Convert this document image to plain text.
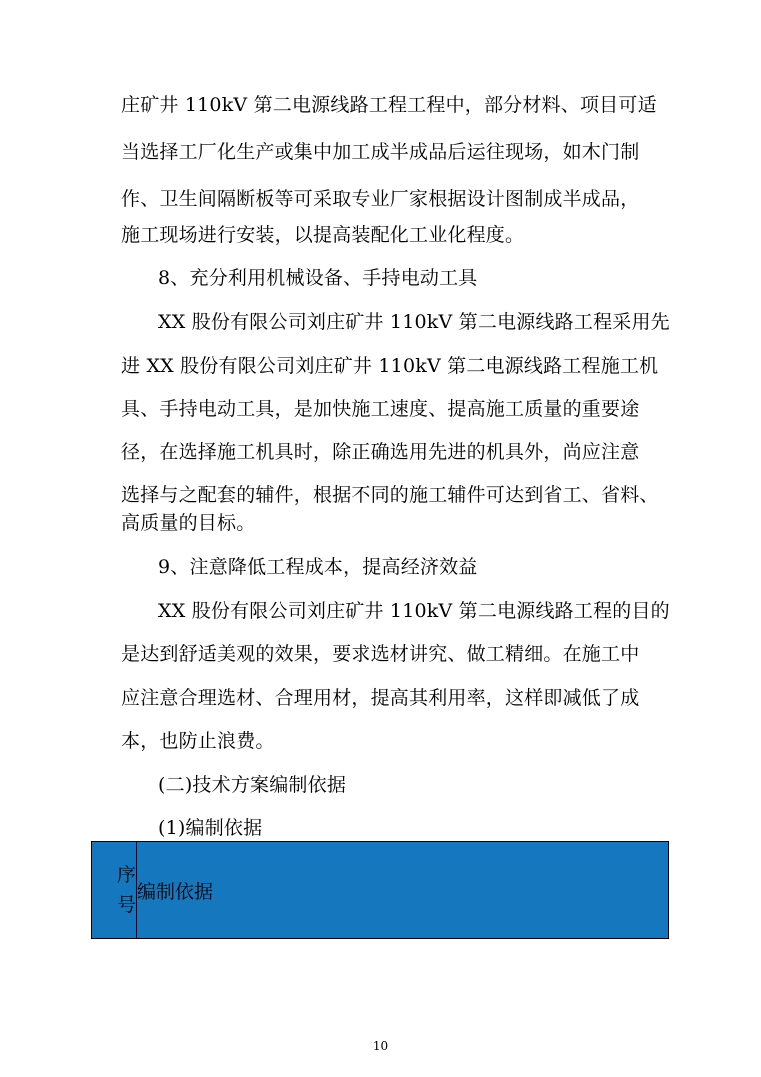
庄矿井 110kV 第二电源线路工程工程中，部分材料、项目可适
当选择工厂化生产或集中加工成半成品后运往现场，如木门制
作、卫生间隔断板等可采取专业厂家根据设计图制成半成品，
施工现场进行安装，以提高装配化工业化程度。
8、充分利用机械设备、手持电动工具
XX 股份有限公司刘庄矿井 110kV 第二电源线路工程采用先
进 XX 股份有限公司刘庄矿井 110kV 第二电源线路工程施工机
具、手持电动工具，是加快施工速度、提高施工质量的重要途
径，在选择施工机具时，除正确选用先进的机具外，尚应注意
选择与之配套的辅件，根据不同的施工辅件可达到省工、省料、
高质量的目标。
9、注意降低工程成本，提高经济效益
XX 股份有限公司刘庄矿井 110kV 第二电源线路工程的目的
是达到舒适美观的效果，要求选材讲究、做工精细。在施工中
应注意合理选材、合理用材，提高其利用率，这样即减低了成
本，也防止浪费。
(二)技术方案编制依据
(1)编制依据
序
号
	编制依据
10
